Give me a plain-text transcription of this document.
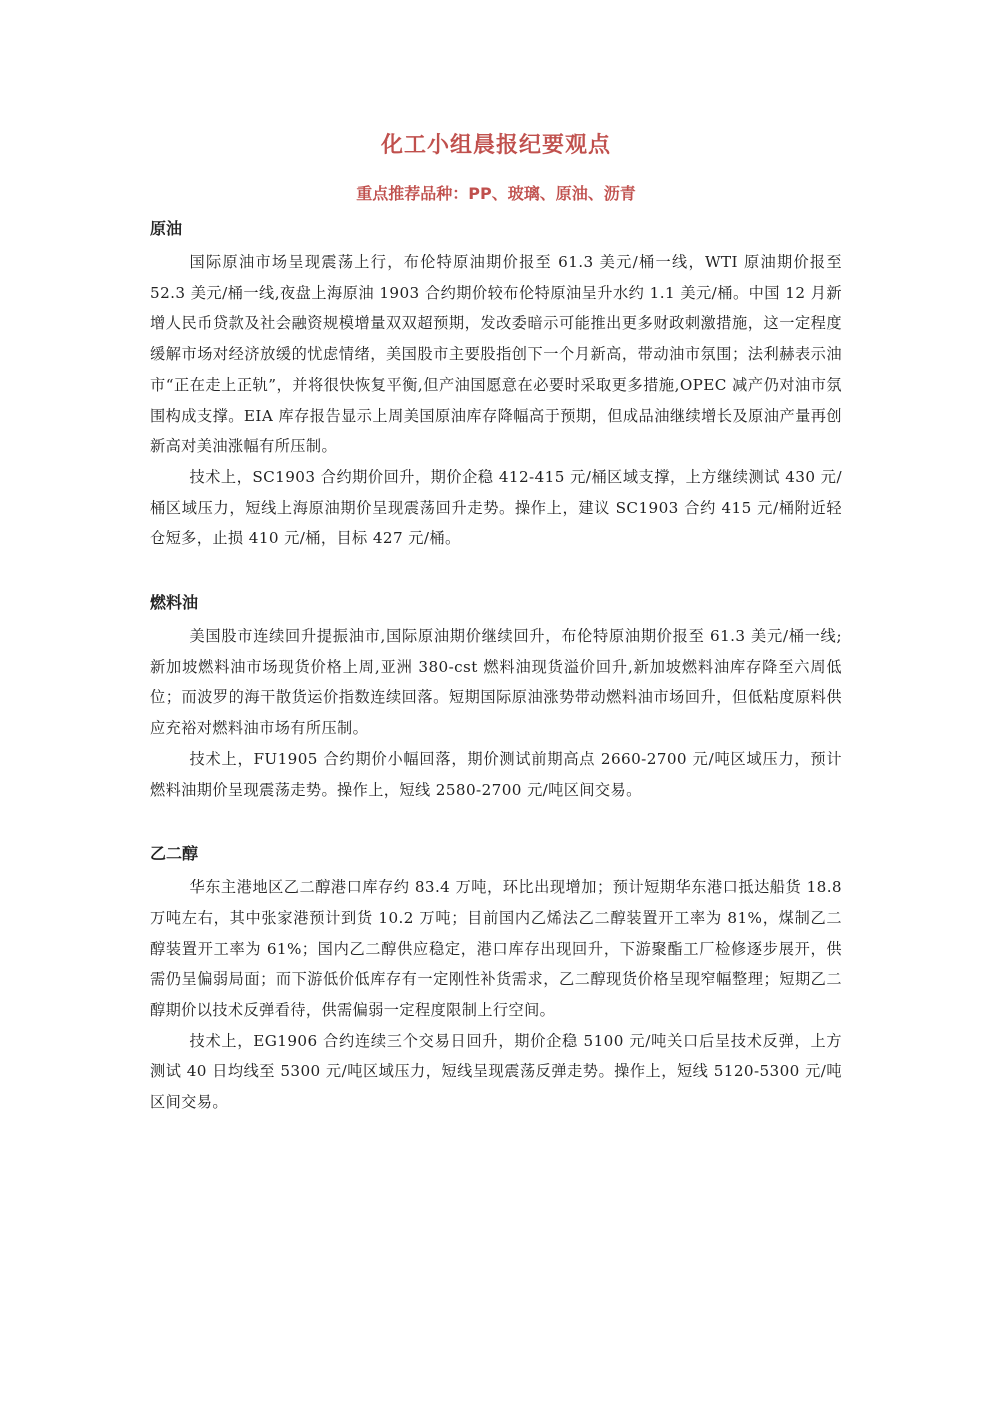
化工小组晨报纪要观点
重点推荐品种：PP、玻璃、原油、沥青
原油

国际原油市场呈现震荡上行，布伦特原油期价报至 61.3 美元/桶一线，WTI 原油期价报至 52.3 美元/桶一线,夜盘上海原油 1903 合约期价较布伦特原油呈升水约 1.1 美元/桶。中国 12 月新增人民币贷款及社会融资规模增量双双超预期，发改委暗示可能推出更多财政刺激措施，这一定程度缓解市场对经济放缓的忧虑情绪，美国股市主要股指创下一个月新高，带动油市氛围；法利赫表示油市“正在走上正轨”，并将很快恢复平衡,但产油国愿意在必要时采取更多措施,OPEC 减产仍对油市氛围构成支撑。EIA 库存报告显示上周美国原油库存降幅高于预期，但成品油继续增长及原油产量再创新高对美油涨幅有所压制。

技术上，SC1903 合约期价回升，期价企稳 412-415 元/桶区域支撑，上方继续测试 430 元/桶区域压力，短线上海原油期价呈现震荡回升走势。操作上，建议 SC1903 合约 415 元/桶附近轻仓短多，止损 410 元/桶，目标 427 元/桶。

燃料油

美国股市连续回升提振油市,国际原油期价继续回升，布伦特原油期价报至 61.3 美元/桶一线;新加坡燃料油市场现货价格上周,亚洲 380-cst 燃料油现货溢价回升,新加坡燃料油库存降至六周低位；而波罗的海干散货运价指数连续回落。短期国际原油涨势带动燃料油市场回升，但低粘度原料供应充裕对燃料油市场有所压制。

技术上，FU1905 合约期价小幅回落，期价测试前期高点 2660-2700 元/吨区域压力，预计燃料油期价呈现震荡走势。操作上，短线 2580-2700 元/吨区间交易。

乙二醇

华东主港地区乙二醇港口库存约 83.4 万吨，环比出现增加；预计短期华东港口抵达船货 18.8 万吨左右，其中张家港预计到货 10.2 万吨；目前国内乙烯法乙二醇装置开工率为 81%，煤制乙二醇装置开工率为 61%；国内乙二醇供应稳定，港口库存出现回升，下游聚酯工厂检修逐步展开，供需仍呈偏弱局面；而下游低价低库存有一定刚性补货需求，乙二醇现货价格呈现窄幅整理；短期乙二醇期价以技术反弹看待，供需偏弱一定程度限制上行空间。

技术上，EG1906 合约连续三个交易日回升，期价企稳 5100 元/吨关口后呈技术反弹，上方测试 40 日均线至 5300 元/吨区域压力，短线呈现震荡反弹走势。操作上，短线 5120-5300 元/吨区间交易。
